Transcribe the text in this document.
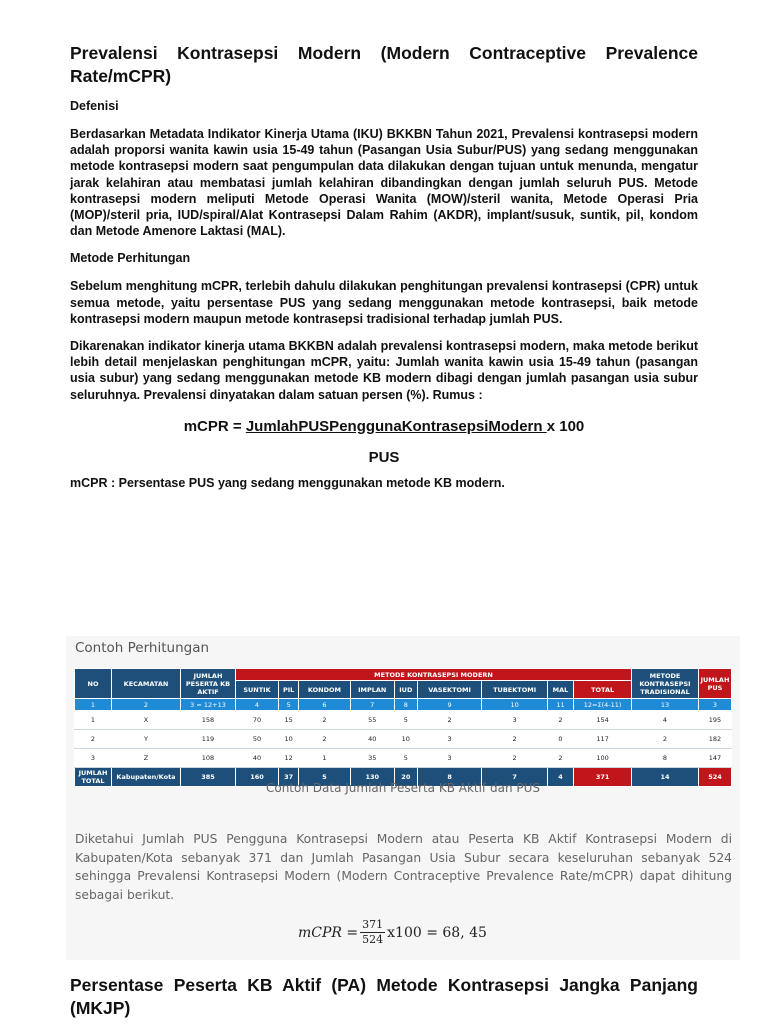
Prevalensi Kontrasepsi Modern (Modern Contraceptive Prevalence Rate/mCPR)
Defenisi

Berdasarkan Metadata Indikator Kinerja Utama (IKU) BKKBN Tahun 2021, Prevalensi kontrasepsi modern adalah proporsi wanita kawin usia 15-49 tahun (Pasangan Usia Subur/PUS) yang sedang menggunakan metode kontrasepsi modern saat pengumpulan data dilakukan dengan tujuan untuk menunda, mengatur jarak kelahiran atau membatasi jumlah kelahiran dibandingkan dengan jumlah seluruh PUS. Metode kontrasepsi modern meliputi Metode Operasi Wanita (MOW)/steril wanita, Metode Operasi Pria (MOP)/steril pria, IUD/spiral/Alat Kontrasepsi Dalam Rahim (AKDR), implant/susuk, suntik, pil, kondom dan Metode Amenore Laktasi (MAL).

Metode Perhitungan

Sebelum menghitung mCPR, terlebih dahulu dilakukan penghitungan prevalensi kontrasepsi (CPR) untuk semua metode, yaitu persentase PUS yang sedang menggunakan metode kontrasepsi, baik metode kontrasepsi modern maupun metode kontrasepsi tradisional terhadap jumlah PUS.

Dikarenakan indikator kinerja utama BKKBN adalah prevalensi kontrasepsi modern, maka metode berikut lebih detail menjelaskan penghitungan mCPR, yaitu: Jumlah wanita kawin usia 15-49 tahun (pasangan usia subur) yang sedang menggunakan metode KB modern dibagi dengan jumlah pasangan usia subur seluruhnya. Prevalensi dinyatakan dalam satuan persen (%). Rumus :

mCPR = JumlahPUSPenggunaKontrasepsiModern x 100
PUS
mCPR : Persentase PUS yang sedang menggunakan metode KB modern.
Contoh Perhitungan
NO	KECAMATAN	JUMLAH PESERTA KB AKTIF	METODE KONTRASEPSI MODERN									METODE KONTRASEPSI TRADISIONAL	JUMLAH PUS
			SUNTIK	PIL	KONDOM	IMPLAN	IUD	VASEKTOMI	TUBEKTOMI	MAL	TOTAL		
1	2	3 = 12+13	4	5	6	7	8	9	10	11	12=Σ(4-11)	13	3
1	X	158	70	15	2	55	5	2	3	2	154	4	195
2	Y	119	50	10	2	40	10	3	2	0	117	2	182
3	Z	108	40	12	1	35	5	3	2	2	100	8	147
JUMLAH TOTAL	Kabupaten/Kota	385	160	37	5	130	20	8	7	4	371	14	524
Contoh Data Jumlah Peserta KB Aktif dan PUS
Diketahui Jumlah PUS Pengguna Kontrasepsi Modern atau Peserta KB Aktif Kontrasepsi Modern di Kabupaten/Kota sebanyak 371 dan Jumlah Pasangan Usia Subur secara keseluruhan sebanyak 524 sehingga Prevalensi Kontrasepsi Modern (Modern Contraceptive Prevalence Rate/mCPR) dapat dihitung sebagai berikut.
mCPR = $\frac{371}{524} x100 = 68$, 45
Persentase Peserta KB Aktif (PA) Metode Kontrasepsi Jangka Panjang (MKJP)
